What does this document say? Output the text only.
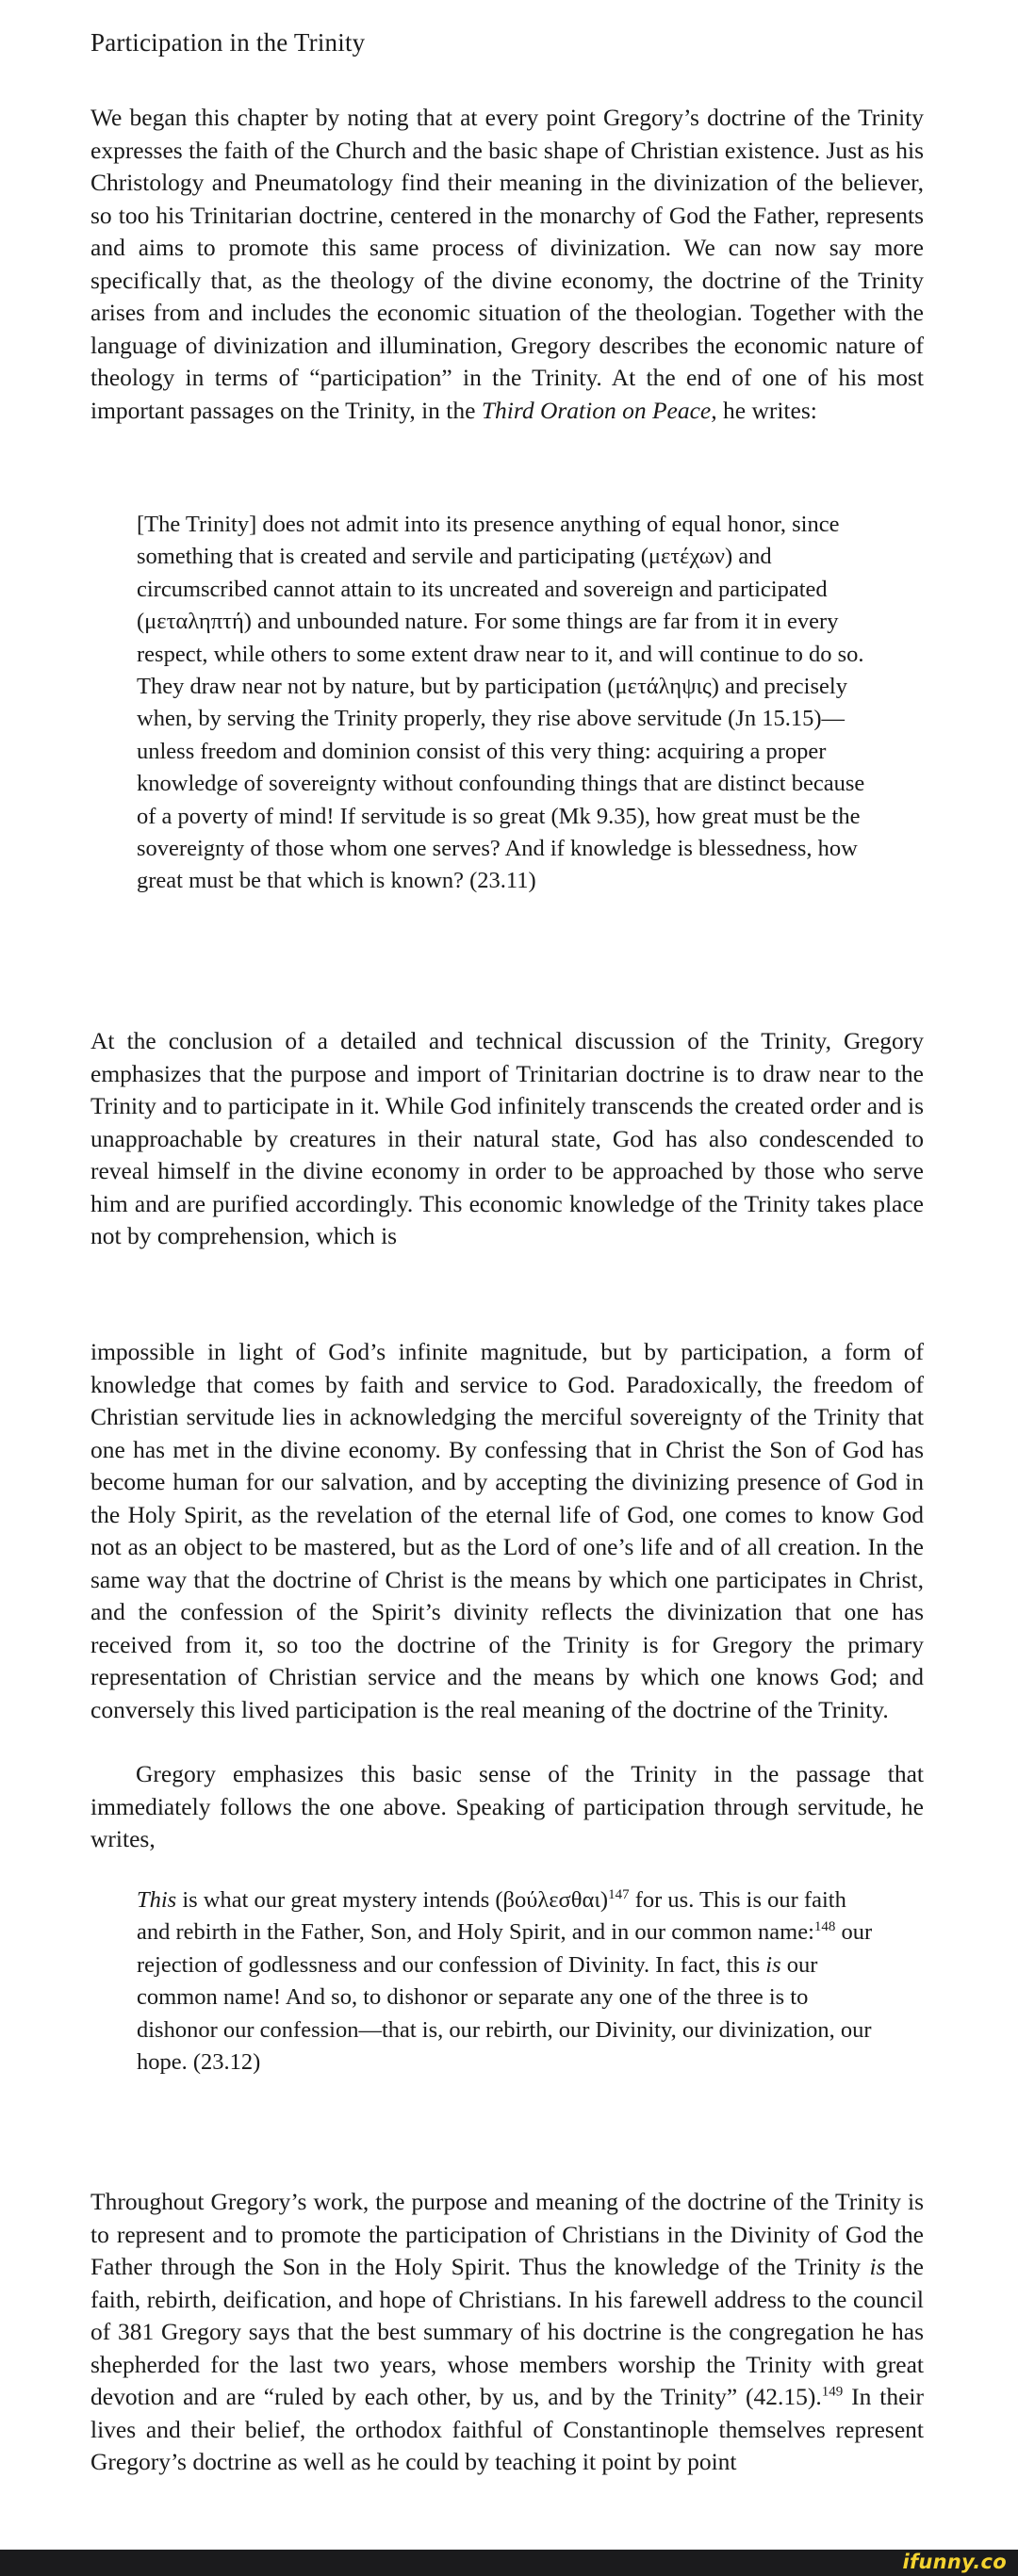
Participation in the Trinity

We began this chapter by noting that at every point Gregory’s doctrine of the Trinity expresses the faith of the Church and the basic shape of Christian existence. Just as his Christology and Pneumatology find their meaning in the divinization of the believer, so too his Trinitarian doctrine, centered in the monarchy of God the Father, represents and aims to promote this same process of divinization. We can now say more specifically that, as the theology of the divine economy, the doctrine of the Trinity arises from and includes the economic situation of the theologian. Together with the language of divinization and illumination, Gregory describes the economic nature of theology in terms of “participation” in the Trinity. At the end of one of his most important passages on the Trinity, in the Third Oration on Peace, he writes:

[The Trinity] does not admit into its presence anything of equal honor, since something that is created and servile and participating (μετέχων) and circumscribed cannot attain to its uncreated and sovereign and participated (μεταληπτή) and unbounded nature. For some things are far from it in every respect, while others to some extent draw near to it, and will continue to do so. They draw near not by nature, but by participation (μετάληψις) and precisely when, by serving the Trinity properly, they rise above servitude (Jn 15.15)— unless freedom and dominion consist of this very thing: acquiring a proper knowledge of sovereignty without confounding things that are distinct because of a poverty of mind! If servitude is so great (Mk 9.35), how great must be the sovereignty of those whom one serves? And if knowledge is blessedness, how great must be that which is known? (23.11)

At the conclusion of a detailed and technical discussion of the Trinity, Gregory emphasizes that the purpose and import of Trinitarian doctrine is to draw near to the Trinity and to participate in it. While God infinitely transcends the created order and is unapproachable by creatures in their natural state, God has also condescended to reveal himself in the divine economy in order to be approached by those who serve him and are purified accordingly. This economic knowledge of the Trinity takes place not by comprehension, which is

impossible in light of God’s infinite magnitude, but by participation, a form of knowledge that comes by faith and service to God. Paradoxically, the freedom of Christian servitude lies in acknowledging the merciful sovereignty of the Trinity that one has met in the divine economy. By confessing that in Christ the Son of God has become human for our salvation, and by accepting the divinizing presence of God in the Holy Spirit, as the revelation of the eternal life of God, one comes to know God not as an object to be mastered, but as the Lord of one’s life and of all creation. In the same way that the doctrine of Christ is the means by which one participates in Christ, and the confession of the Spirit’s divinity reflects the divinization that one has received from it, so too the doctrine of the Trinity is for Gregory the primary representation of Christian service and the means by which one knows God; and conversely this lived participation is the real meaning of the doctrine of the Trinity.

Gregory emphasizes this basic sense of the Trinity in the passage that immediately follows the one above. Speaking of participation through servitude, he writes,

This is what our great mystery intends $(\beta oύ\lambda\varepsilon\sigma\theta\alpha\iota)^{147}$ for us. This is our faith and rebirth in the Father, Son, and Holy Spirit, and in our common name:$^{148}$ our rejection of godlessness and our confession of Divinity. In fact, this is our common name! And so, to dishonor or separate any one of the three is to dishonor our confession—that is, our rebirth, our Divinity, our divinization, our hope. (23.12)

Throughout Gregory’s work, the purpose and meaning of the doctrine of the Trinity is to represent and to promote the participation of Christians in the Divinity of God the Father through the Son in the Holy Spirit. Thus the knowledge of the Trinity is the faith, rebirth, deification, and hope of Christians. In his farewell address to the council of 381 Gregory says that the best summary of his doctrine is the congregation he has shepherded for the last two years, whose members worship the Trinity with great devotion and are “ruled by each other, by us, and by the Trinity” (42.15).$^{149}$ In their lives and their belief, the orthodox faithful of Constantinople themselves represent Gregory’s doctrine as well as he could by teaching it point by point

ifunny.co
